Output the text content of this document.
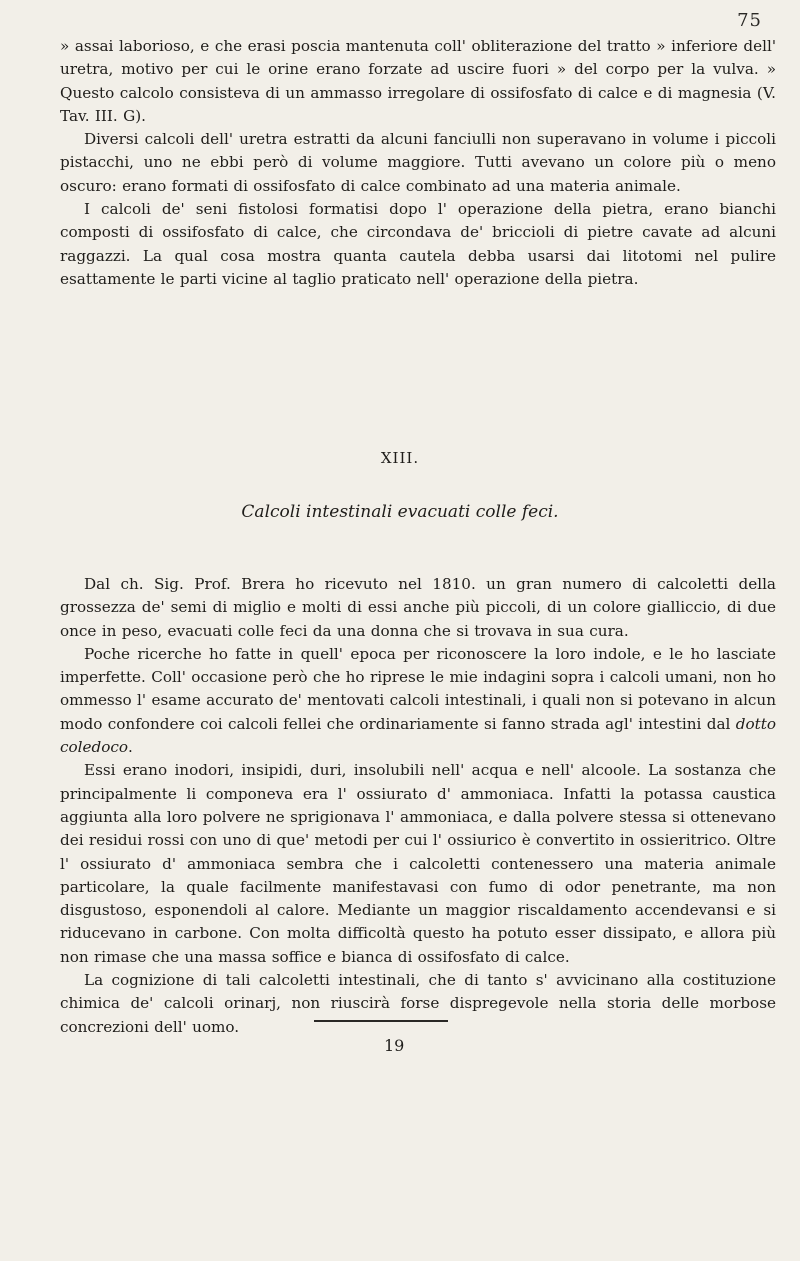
75

» assai laborioso, e che erasi poscia mantenuta coll' obliterazione del tratto » inferiore dell' uretra, motivo per cui le orine erano forzate ad uscire fuori » del corpo per la vulva. » Questo calcolo consisteva di un ammasso irregolare di ossifosfato di calce e di magnesia (V. Tav. III. G).

Diversi calcoli dell' uretra estratti da alcuni fanciulli non superavano in volume i piccoli pistacchi, uno ne ebbi però di volume maggiore. Tutti avevano un colore più o meno oscuro: erano formati di ossifosfato di calce combinato ad una materia animale.

I calcoli de' seni fistolosi formatisi dopo l' operazione della pietra, erano bianchi composti di ossifosfato di calce, che circondava de' briccioli di pietre cavate ad alcuni raggazzi. La qual cosa mostra quanta cautela debba usarsi dai litotomi nel pulire esattamente le parti vicine al taglio praticato nell' operazione della pietra.

XIII.
Calcoli intestinali evacuati colle feci.

Dal ch. Sig. Prof. Brera ho ricevuto nel 1810. un gran numero di calcoletti della grossezza de' semi di miglio e molti di essi anche più piccoli, di un colore gialliccio, di due once in peso, evacuati colle feci da una donna che si trovava in sua cura.

Poche ricerche ho fatte in quell' epoca per riconoscere la loro indole, e le ho lasciate imperfette. Coll' occasione però che ho riprese le mie indagini sopra i calcoli umani, non ho ommesso l' esame accurato de' mentovati calcoli intestinali, i quali non si potevano in alcun modo confondere coi calcoli fellei che ordinariamente si fanno strada agl' intestini dal dotto coledoco.

Essi erano inodori, insipidi, duri, insolubili nell' acqua e nell' alcoole. La sostanza che principalmente li componeva era l' ossiurato d' ammoniaca. Infatti la potassa caustica aggiunta alla loro polvere ne sprigionava l' ammoniaca, e dalla polvere stessa si ottenevano dei residui rossi con uno di que' metodi per cui l' ossiurico è convertito in ossieritrico. Oltre l' ossiurato d' ammoniaca sembra che i calcoletti contenessero una materia animale particolare, la quale facilmente manifestavasi con fumo di odor penetrante, ma non disgustoso, esponendoli al calore. Mediante un maggior riscaldamento accendevansi e si riducevano in carbone. Con molta difficoltà questo ha potuto esser dissipato, e allora più non rimase che una massa soffice e bianca di ossifosfato di calce.

La cognizione di tali calcoletti intestinali, che di tanto s' avvicinano alla costituzione chimica de' calcoli orinarj, non riuscirà forse dispregevole nella storia delle morbose concrezioni dell' uomo.

19
